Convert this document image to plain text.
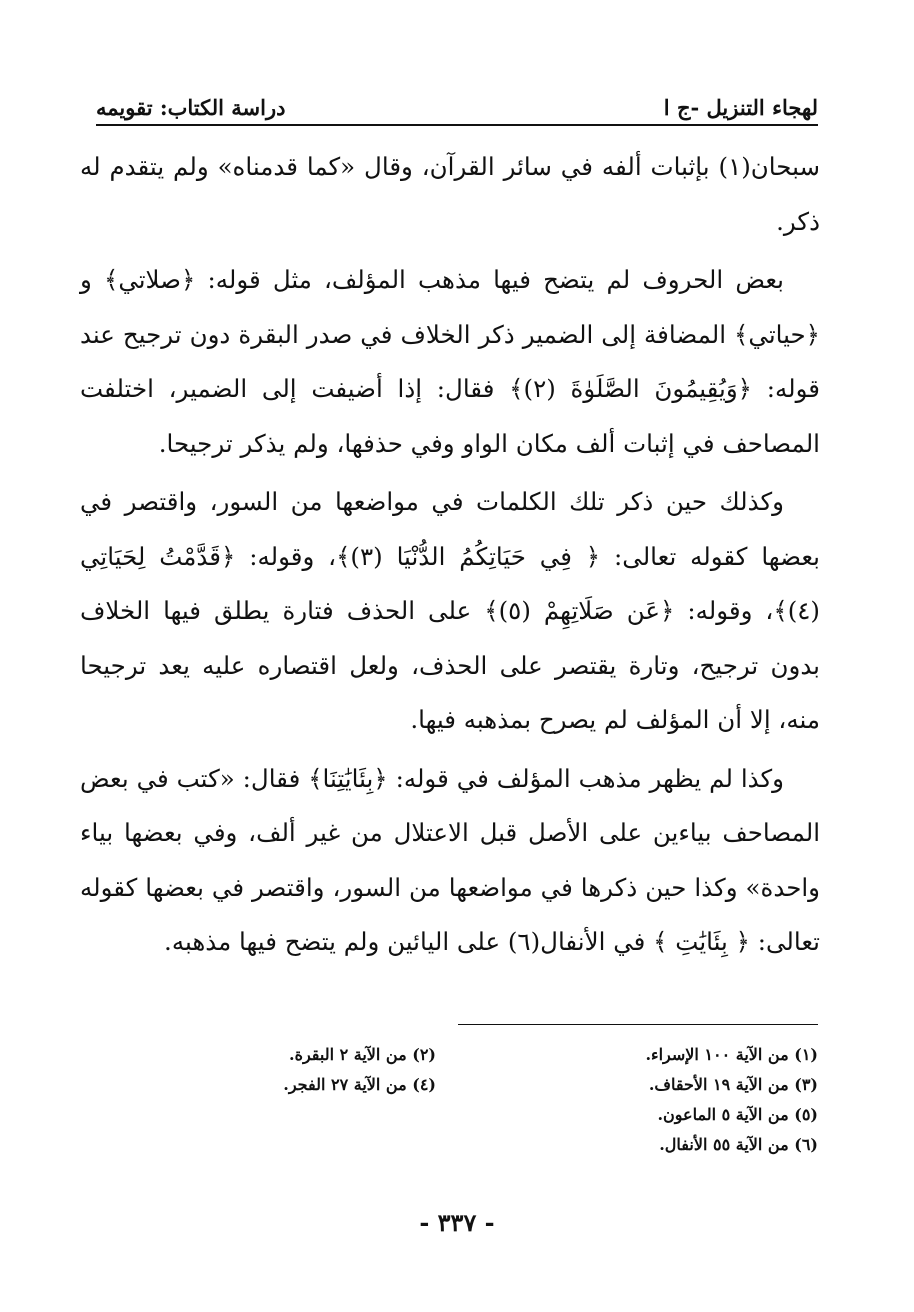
لهجاء التنزيل -ج ا
دراسة الكتاب: تقويمه

سبحان(١) بإثبات ألفه في سائر القرآن، وقال «كما قدمناه» ولم يتقدم له ذكر.

بعض الحروف لم يتضح فيها مذهب المؤلف، مثل قوله: ﴿صلاتي﴾ و ﴿حياتي﴾ المضافة إلى الضمير ذكر الخلاف في صدر البقرة دون ترجيح عند قوله: ﴿وَيُقِيمُونَ الصَّلَوٰةَ (٢)﴾ فقال: إذا أضيفت إلى الضمير، اختلفت المصاحف في إثبات ألف مكان الواو وفي حذفها، ولم يذكر ترجيحا.

وكذلك حين ذكر تلك الكلمات في مواضعها من السور، واقتصر في بعضها كقوله تعالى: ﴿ فِي حَيَاتِكُمُ الدُّنْيَا (٣)﴾، وقوله: ﴿قَدَّمْتُ لِحَيَاتِي (٤)﴾، وقوله: ﴿عَن صَلَاتِهِمْ (٥)﴾ على الحذف فتارة يطلق فيها الخلاف بدون ترجيح، وتارة يقتصر على الحذف، ولعل اقتصاره عليه يعد ترجيحا منه، إلا أن المؤلف لم يصرح بمذهبه فيها.

وكذا لم يظهر مذهب المؤلف في قوله: ﴿بِئَايَٰتِنَا﴾ فقال: «كتب في بعض المصاحف بياءين على الأصل قبل الاعتلال من غير ألف، وفي بعضها بياء واحدة» وكذا حين ذكرها في مواضعها من السور، واقتصر في بعضها كقوله تعالى: ﴿ بِئَايَٰتِ ﴾ في الأنفال(٦) على اليائين ولم يتضح فيها مذهبه.

(١) من الآية ١٠٠ الإسراء.
(٣) من الآية ١٩ الأحقاف.
(٥) من الآية ٥ الماعون.
(٦) من الآية ٥٥ الأنفال.
(٢) من الآية ٢ البقرة.
(٤) من الآية ٢٧ الفجر.
- ٣٣٧ -
